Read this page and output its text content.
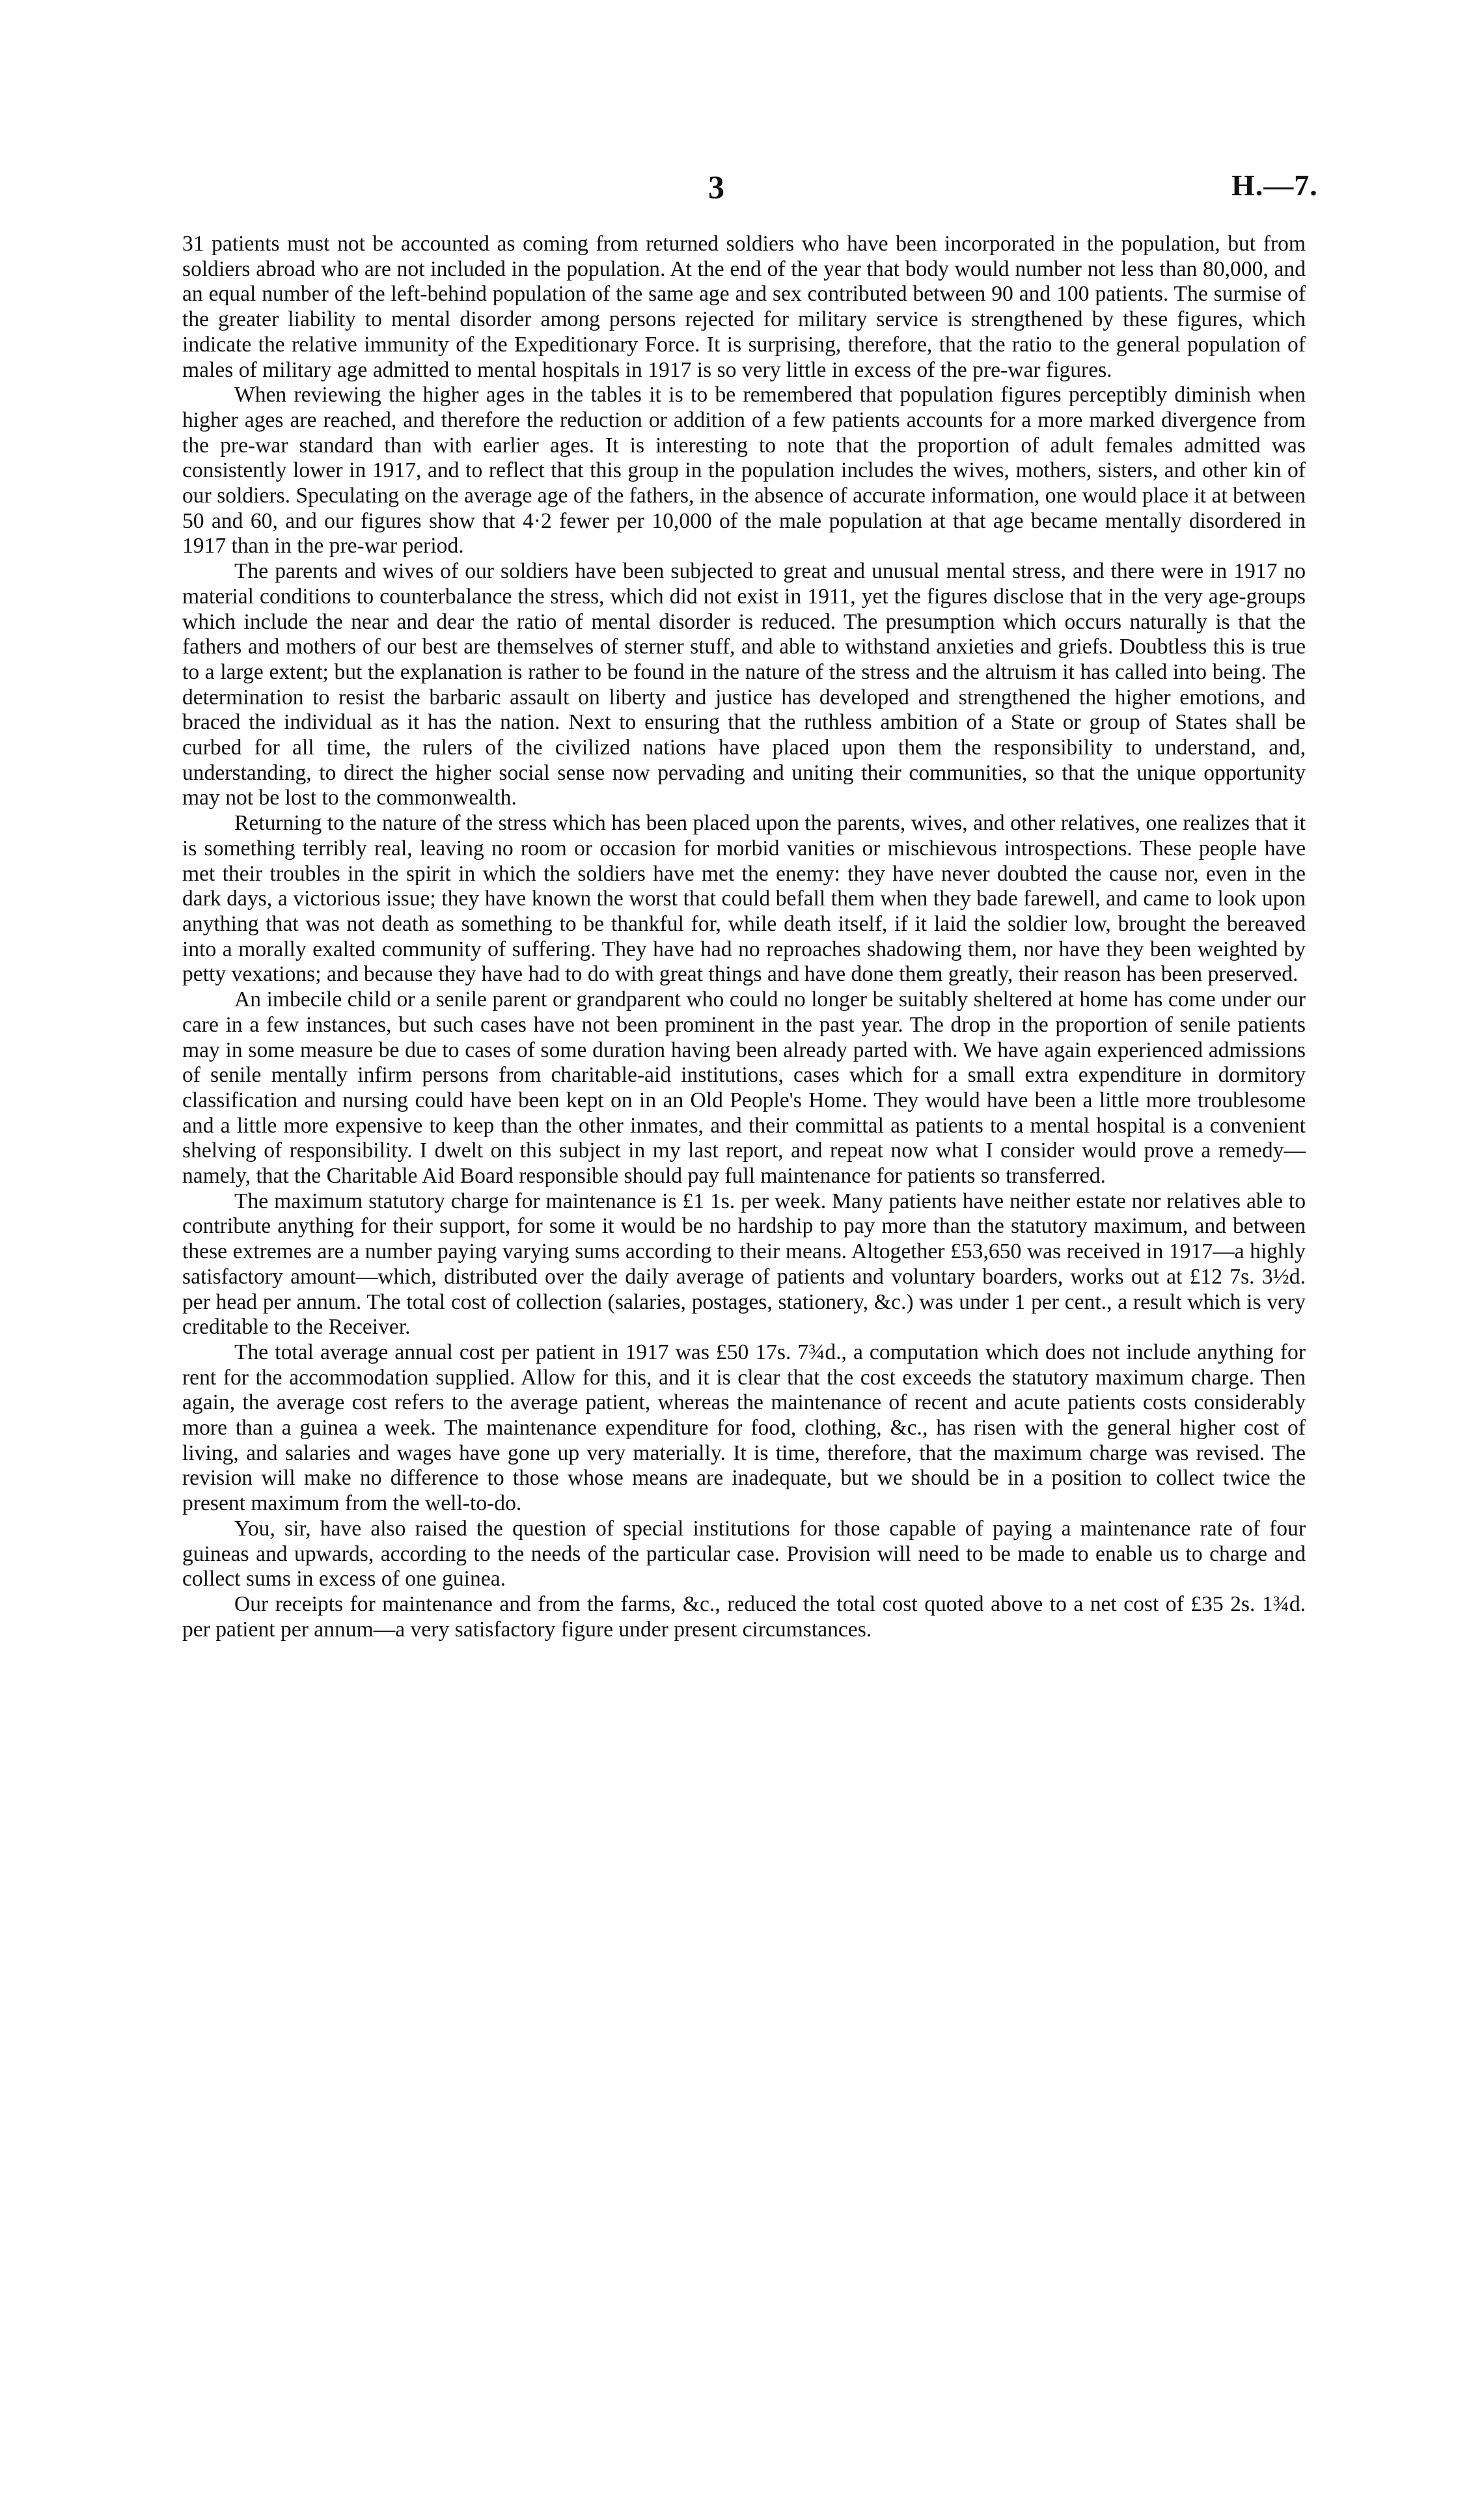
3	H.—7.

31 patients must not be accounted as coming from returned soldiers who have been incorporated in the population, but from soldiers abroad who are not included in the population. At the end of the year that body would number not less than 80,000, and an equal number of the left-behind population of the same age and sex contributed between 90 and 100 patients. The surmise of the greater liability to mental disorder among persons rejected for military service is strengthened by these figures, which indicate the relative immunity of the Expeditionary Force. It is surprising, therefore, that the ratio to the general population of males of military age admitted to mental hospitals in 1917 is so very little in excess of the pre-war figures.

When reviewing the higher ages in the tables it is to be remembered that population figures perceptibly diminish when higher ages are reached, and therefore the reduction or addition of a few patients accounts for a more marked divergence from the pre-war standard than with earlier ages. It is interesting to note that the proportion of adult females admitted was consistently lower in 1917, and to reflect that this group in the population includes the wives, mothers, sisters, and other kin of our soldiers. Speculating on the average age of the fathers, in the absence of accurate information, one would place it at between 50 and 60, and our figures show that 4·2 fewer per 10,000 of the male population at that age became mentally disordered in 1917 than in the pre-war period.

The parents and wives of our soldiers have been subjected to great and unusual mental stress, and there were in 1917 no material conditions to counterbalance the stress, which did not exist in 1911, yet the figures disclose that in the very age-groups which include the near and dear the ratio of mental disorder is reduced. The presumption which occurs naturally is that the fathers and mothers of our best are themselves of sterner stuff, and able to withstand anxieties and griefs. Doubtless this is true to a large extent; but the explanation is rather to be found in the nature of the stress and the altruism it has called into being. The determination to resist the barbaric assault on liberty and justice has developed and strengthened the higher emotions, and braced the individual as it has the nation. Next to ensuring that the ruthless ambition of a State or group of States shall be curbed for all time, the rulers of the civilized nations have placed upon them the responsibility to understand, and, understanding, to direct the higher social sense now pervading and uniting their communities, so that the unique opportunity may not be lost to the commonwealth.

Returning to the nature of the stress which has been placed upon the parents, wives, and other relatives, one realizes that it is something terribly real, leaving no room or occasion for morbid vanities or mischievous introspections. These people have met their troubles in the spirit in which the soldiers have met the enemy: they have never doubted the cause nor, even in the dark days, a victorious issue; they have known the worst that could befall them when they bade farewell, and came to look upon anything that was not death as something to be thankful for, while death itself, if it laid the soldier low, brought the bereaved into a morally exalted community of suffering. They have had no reproaches shadowing them, nor have they been weighted by petty vexations; and because they have had to do with great things and have done them greatly, their reason has been preserved.

An imbecile child or a senile parent or grandparent who could no longer be suitably sheltered at home has come under our care in a few instances, but such cases have not been prominent in the past year. The drop in the proportion of senile patients may in some measure be due to cases of some duration having been already parted with. We have again experienced admissions of senile mentally infirm persons from charitable-aid institutions, cases which for a small extra expenditure in dormitory classification and nursing could have been kept on in an Old People's Home. They would have been a little more troublesome and a little more expensive to keep than the other inmates, and their committal as patients to a mental hospital is a convenient shelving of responsibility. I dwelt on this subject in my last report, and repeat now what I consider would prove a remedy—namely, that the Charitable Aid Board responsible should pay full maintenance for patients so transferred.

The maximum statutory charge for maintenance is £1 1s. per week. Many patients have neither estate nor relatives able to contribute anything for their support, for some it would be no hardship to pay more than the statutory maximum, and between these extremes are a number paying varying sums according to their means. Altogether £53,650 was received in 1917—a highly satisfactory amount—which, distributed over the daily average of patients and voluntary boarders, works out at £12 7s. 3½d. per head per annum. The total cost of collection (salaries, postages, stationery, &c.) was under 1 per cent., a result which is very creditable to the Receiver.

The total average annual cost per patient in 1917 was £50 17s. 7¾d., a computation which does not include anything for rent for the accommodation supplied. Allow for this, and it is clear that the cost exceeds the statutory maximum charge. Then again, the average cost refers to the average patient, whereas the maintenance of recent and acute patients costs considerably more than a guinea a week. The maintenance expenditure for food, clothing, &c., has risen with the general higher cost of living, and salaries and wages have gone up very materially. It is time, therefore, that the maximum charge was revised. The revision will make no difference to those whose means are inadequate, but we should be in a position to collect twice the present maximum from the well-to-do.

You, sir, have also raised the question of special institutions for those capable of paying a maintenance rate of four guineas and upwards, according to the needs of the particular case. Provision will need to be made to enable us to charge and collect sums in excess of one guinea.

Our receipts for maintenance and from the farms, &c., reduced the total cost quoted above to a net cost of £35 2s. 1¾d. per patient per annum—a very satisfactory figure under present circumstances.
